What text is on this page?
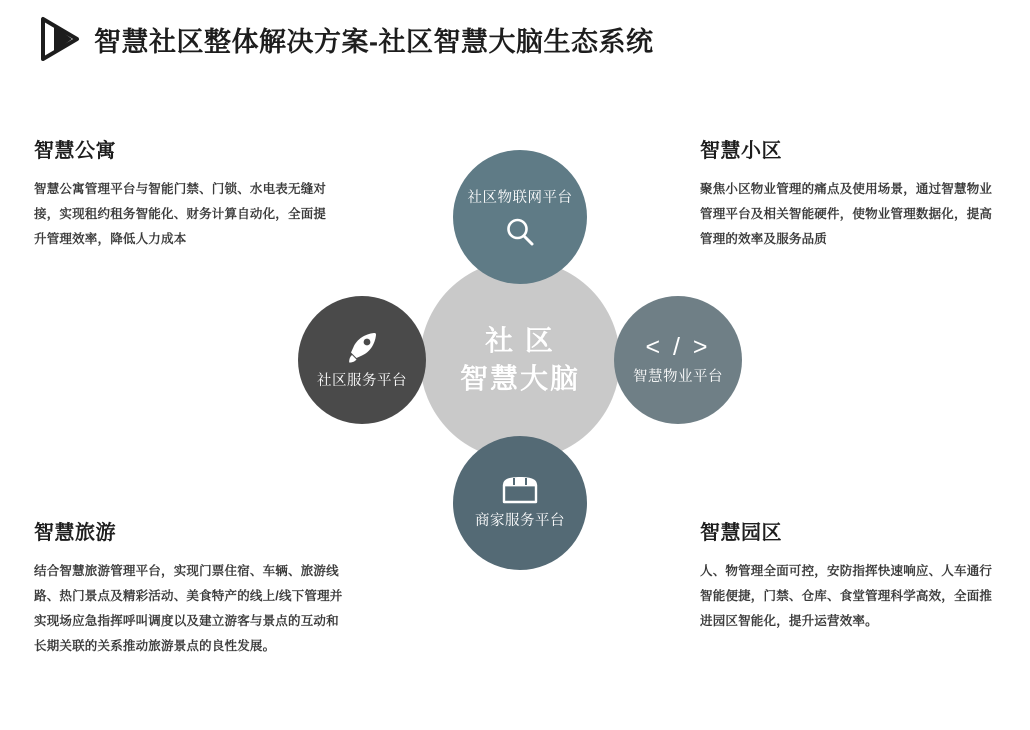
智慧社区整体解决方案-社区智慧大脑生态系统
社 区
智慧大脑
社区物联网平台
< / >
智慧物业平台
商家服务平台
社区服务平台
智慧公寓

智慧公寓管理平台与智能门禁、门锁、水电表无缝对接，实现租约租务智能化、财务计算自动化，全面提升管理效率，降低人力成本

智慧小区

聚焦小区物业管理的痛点及使用场景，通过智慧物业管理平台及相关智能硬件，使物业管理数据化，提高管理的效率及服务品质

智慧旅游

结合智慧旅游管理平台，实现门票住宿、车辆、旅游线路、热门景点及精彩活动、美食特产的线上/线下管理并实现场应急指挥呼叫调度以及建立游客与景点的互动和长期关联的关系推动旅游景点的良性发展。

智慧园区

人、物管理全面可控，安防指挥快速响应、人车通行智能便捷，门禁、仓库、食堂管理科学高效，全面推进园区智能化，提升运营效率。
